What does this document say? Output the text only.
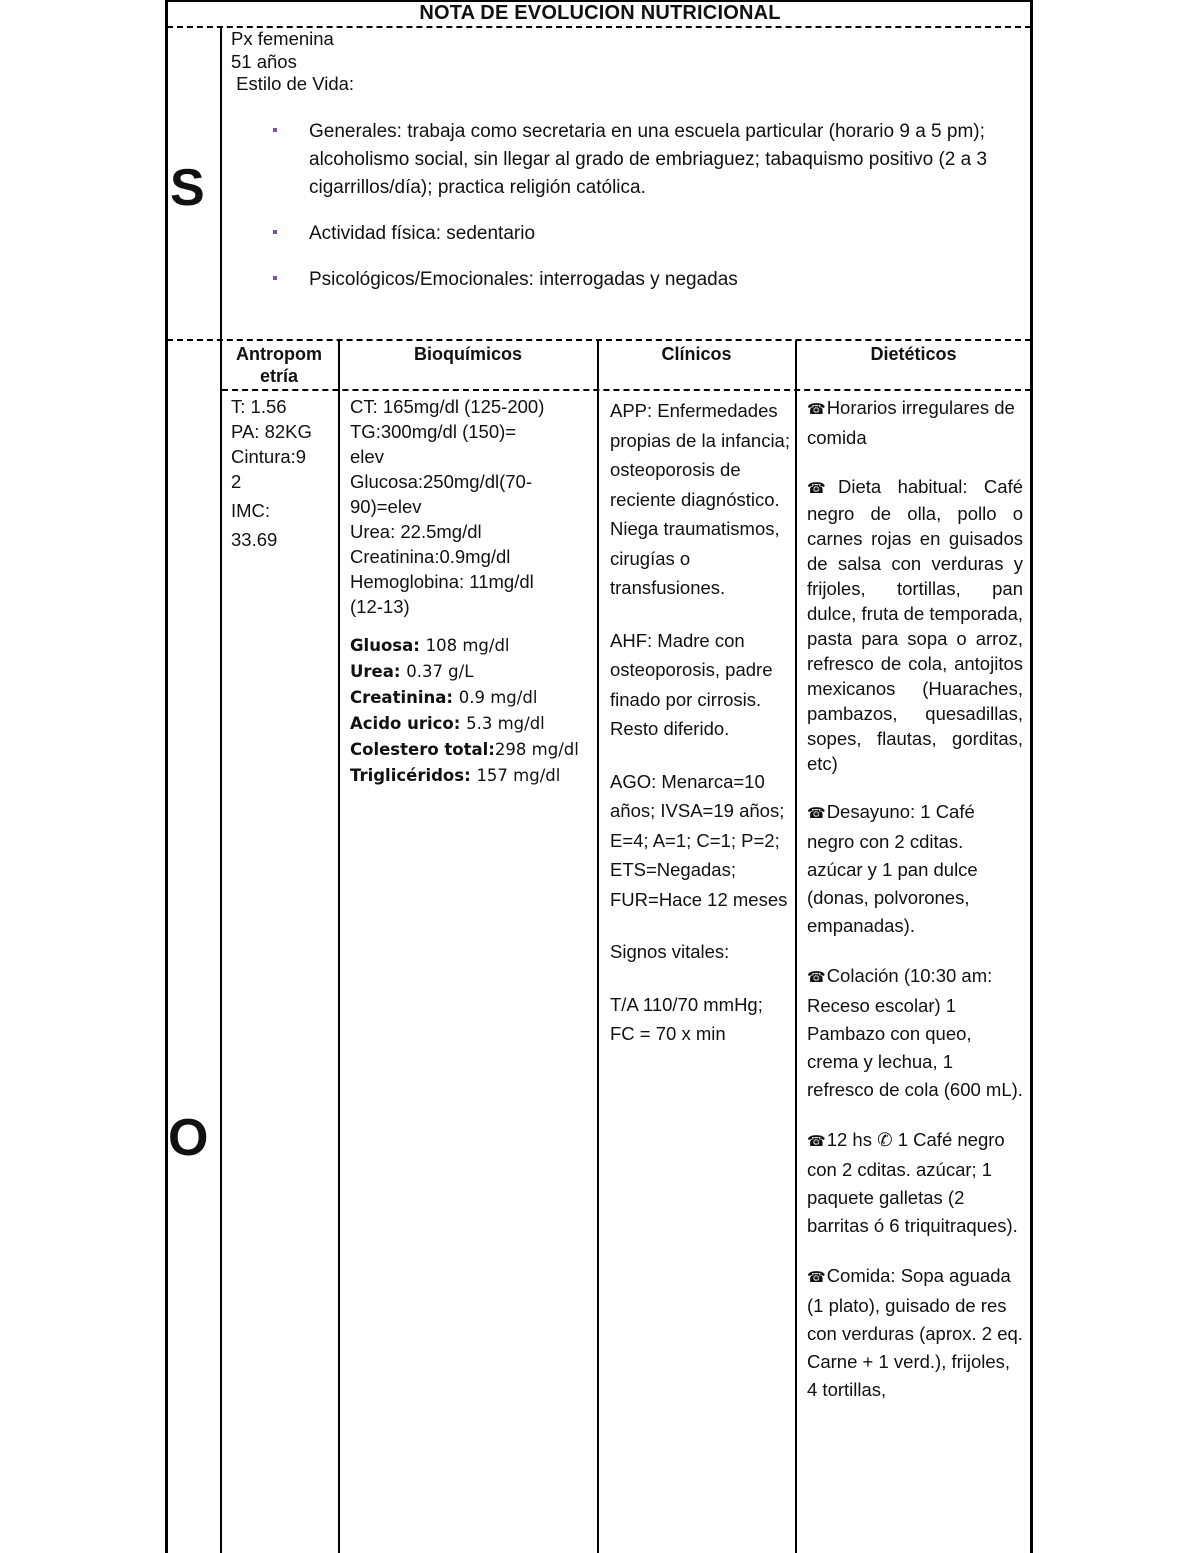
NOTA DE EVOLUCION NUTRICIONAL
S
O
Px femenina
51 años
Estilo de Vida:
Generales: trabaja como secretaria en una escuela particular (horario 9 a 5 pm); alcoholismo social, sin llegar al grado de embriaguez; tabaquismo positivo (2 a 3 cigarrillos/día); practica religión católica.
Actividad física: sedentario
Psicológicos/Emocionales: interrogadas y negadas
Antropom etría
Bioquímicos	Clínicos	Dietéticos
T: 1.56
PA: 82KG
Cintura:9
2
IMC:
33.69
CT: 165mg/dl (125-200)
TG:300mg/dl (150)=
elev
Glucosa:250mg/dl(70-
90)=elev
Urea: 22.5mg/dl
Creatinina:0.9mg/dl
Hemoglobina: 11mg/dl
(12-13)
Gluosa: 108 mg/dl
Urea: 0.37 g/L
Creatinina: 0.9 mg/dl
Acido urico: 5.3 mg/dl
Colestero total:298 mg/dl
Triglicéridos: 157 mg/dl

APP: Enfermedades propias de la infancia; osteoporosis de reciente diagnóstico. Niega traumatismos, cirugías o transfusiones.

AHF: Madre con osteoporosis, padre finado por cirrosis. Resto diferido.

AGO: Menarca=10 años; IVSA=19 años; E=4; A=1; C=1; P=2; ETS=Negadas; FUR=Hace 12 meses

Signos vitales:

T/A 110/70 mmHg; FC = 70 x min

☎Horarios irregulares de comida

☎Dieta habitual: Café negro de olla, pollo o carnes rojas en guisados de salsa con verduras y frijoles, tortillas, pan dulce, fruta de temporada, pasta para sopa o arroz, refresco de cola, antojitos mexicanos (Huaraches, pambazos, quesadillas, sopes, flautas, gorditas, etc)

☎Desayuno: 1 Café negro con 2 cditas. azúcar y 1 pan dulce (donas, polvorones, empanadas).

☎Colación (10:30 am: Receso escolar) 1 Pambazo con queo, crema y lechua, 1 refresco de cola (600 mL).

☎12 hs ✆ 1 Café negro con 2 cditas. azúcar; 1 paquete galletas (2 barritas ó 6 triquitraques).

☎Comida: Sopa aguada (1 plato), guisado de res con verduras (aprox. 2 eq. Carne + 1 verd.), frijoles, 4 tortillas,
